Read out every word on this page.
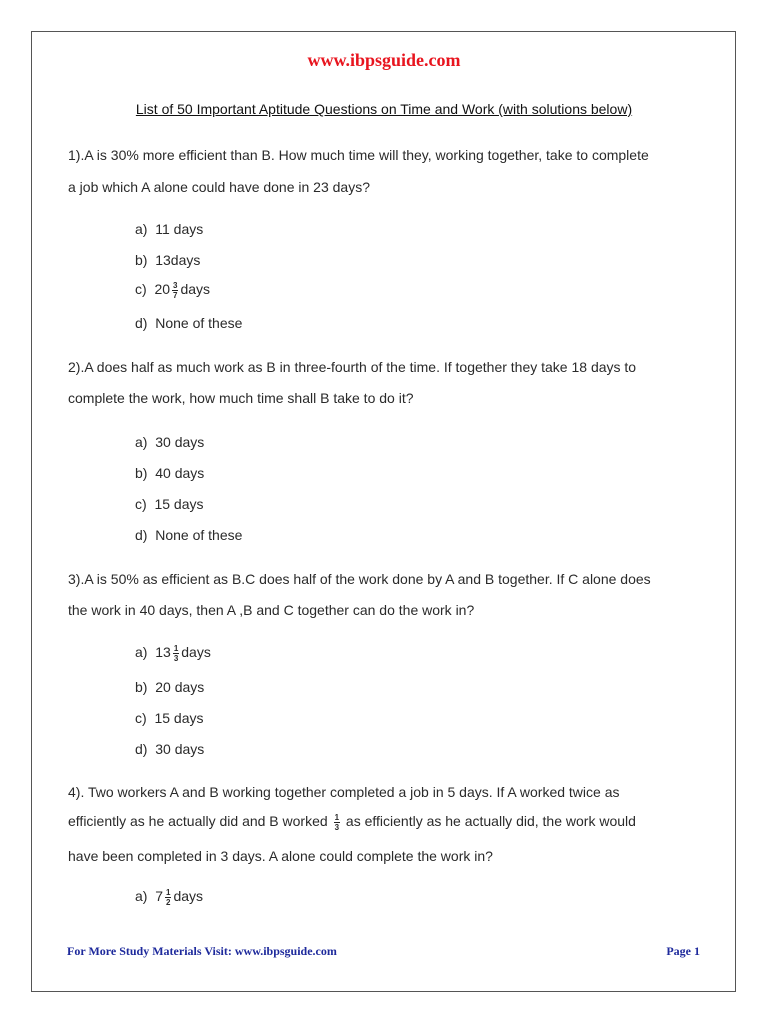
www.ibpsguide.com
List of 50 Important Aptitude Questions on Time and Work (with solutions below)
1).A is 30% more efficient than B. How much time will they, working together, take to complete
a job which A alone could have done in 23 days?
a) 11 days
b) 13days
c) $20 \frac{3}{7}$ days
d)  None of these
2).A does half as much work as B in three-fourth of the time. If together they take 18 days to
complete the work, how much time shall B take to do it?
a) 30 days
b) 40 days
c) 15 days
d) None of these
3).A is 50% as efficient as B.C does half of the work done by A and B together. If C alone does
the work in 40 days, then A ,B and C together can do the work in?
a) $13 \frac{1}{3}$ days
b) 20 days
c) 15 days
d) 30 days
4). Two workers A and B working together completed a job in 5 days. If A worked twice as
efficiently as he actually did and B worked $\frac{1}{3}$ as efficiently as he actually did, the work would
have been completed in 3 days. A alone could complete the work in?
a) $7 \frac{1}{2}$ days
For More Study Materials Visit: www.ibpsguide.com	Page 1
